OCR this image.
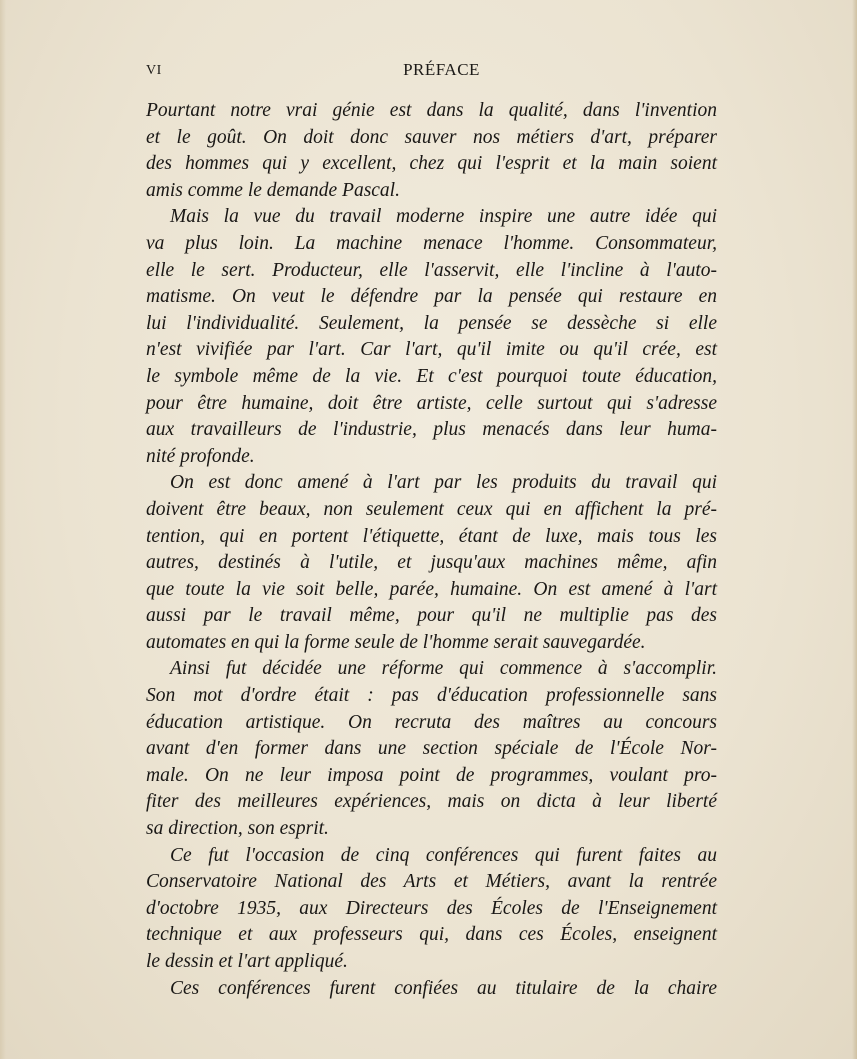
VI	PRÉFACE
Pourtant notre vrai génie est dans la qualité, dans l'invention
et le goût. On doit donc sauver nos métiers d'art, préparer
des hommes qui y excellent, chez qui l'esprit et la main soient
amis comme le demande Pascal.
Mais la vue du travail moderne inspire une autre idée qui
va plus loin. La machine menace l'homme. Consommateur,
elle le sert. Producteur, elle l'asservit, elle l'incline à l'auto-
matisme. On veut le défendre par la pensée qui restaure en
lui l'individualité. Seulement, la pensée se dessèche si elle
n'est vivifiée par l'art. Car l'art, qu'il imite ou qu'il crée, est
le symbole même de la vie. Et c'est pourquoi toute éducation,
pour être humaine, doit être artiste, celle surtout qui s'adresse
aux travailleurs de l'industrie, plus menacés dans leur huma-
nité profonde.
On est donc amené à l'art par les produits du travail qui
doivent être beaux, non seulement ceux qui en affichent la pré-
tention, qui en portent l'étiquette, étant de luxe, mais tous les
autres, destinés à l'utile, et jusqu'aux machines même, afin
que toute la vie soit belle, parée, humaine. On est amené à l'art
aussi par le travail même, pour qu'il ne multiplie pas des
automates en qui la forme seule de l'homme serait sauvegardée.
Ainsi fut décidée une réforme qui commence à s'accomplir.
Son mot d'ordre était : pas d'éducation professionnelle sans
éducation artistique. On recruta des maîtres au concours
avant d'en former dans une section spéciale de l'École Nor-
male. On ne leur imposa point de programmes, voulant pro-
fiter des meilleures expériences, mais on dicta à leur liberté
sa direction, son esprit.
Ce fut l'occasion de cinq conférences qui furent faites au
Conservatoire National des Arts et Métiers, avant la rentrée
d'octobre 1935, aux Directeurs des Écoles de l'Enseignement
technique et aux professeurs qui, dans ces Écoles, enseignent
le dessin et l'art appliqué.
Ces conférences furent confiées au titulaire de la chaire
